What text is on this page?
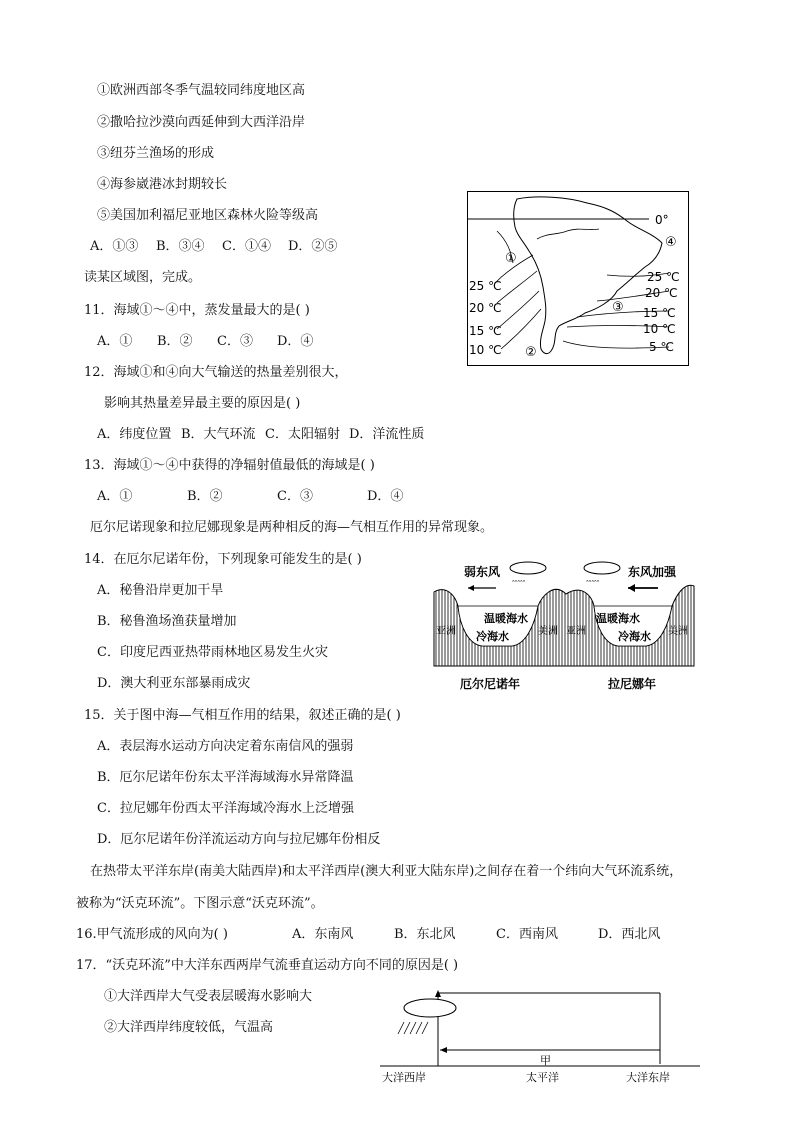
①欧洲西部冬季气温较同纬度地区高
②撒哈拉沙漠向西延伸到大西洋沿岸
③纽芬兰渔场的形成
④海参崴港冰封期较长
⑤美国加利福尼亚地区森林火险等级高
A．①③ B．③④ C．①④ D．②⑤
读某区域图，完成。
11．海域①～④中，蒸发量最大的是( )
A．① B．② C．③ D．④
12．海域①和④向大气输送的热量差别很大，
影响其热量差异最主要的原因是( )
A．纬度位置 B．大气环流 C．太阳辐射 D．洋流性质
13．海域①～④中获得的净辐射值最低的海域是( )
A．①	B．②	C．③	D．④
厄尔尼诺现象和拉尼娜现象是两种相反的海—气相互作用的异常现象。
14．在厄尔尼诺年份，下列现象可能发生的是( )
A．秘鲁沿岸更加干旱
B．秘鲁渔场渔获量增加
C．印度尼西亚热带雨林地区易发生火灾
D．澳大利亚东部暴雨成灾
15．关于图中海—气相互作用的结果，叙述正确的是( )
A．表层海水运动方向决定着东南信风的强弱
B．厄尔尼诺年份东太平洋海域海水异常降温
C．拉尼娜年份西太平洋海域冷海水上泛增强
D．厄尔尼诺年份洋流运动方向与拉尼娜年份相反
在热带太平洋东岸(南美大陆西岸)和太平洋西岸(澳大利亚大陆东岸)之间存在着一个纬向大气环流系统，
被称为“沃克环流”。下图示意“沃克环流”。
16.甲气流形成的风向为( )	A．东南风	B．东北风	C．西南风	D．西北风
17．“沃克环流”中大洋东西两岸气流垂直运动方向不同的原因是( )
①大洋西岸大气受表层暖海水影响大
②大洋西岸纬度较低，气温高
0°
25 ℃
20 ℃
15 ℃
10 ℃
25 ℃
20 ℃
15 ℃
10 ℃
5 ℃
①
②
③
④
弱东风	东风加强
ꞈꞈꞈꞈꞈ	ꞈꞈꞈꞈꞈ
温暖海水
冷海水
温暖海水
冷海水
亚洲	美洲 亚洲	美洲
厄尔尼诺年	拉尼娜年
甲
大洋西岸	太平洋	大洋东岸
